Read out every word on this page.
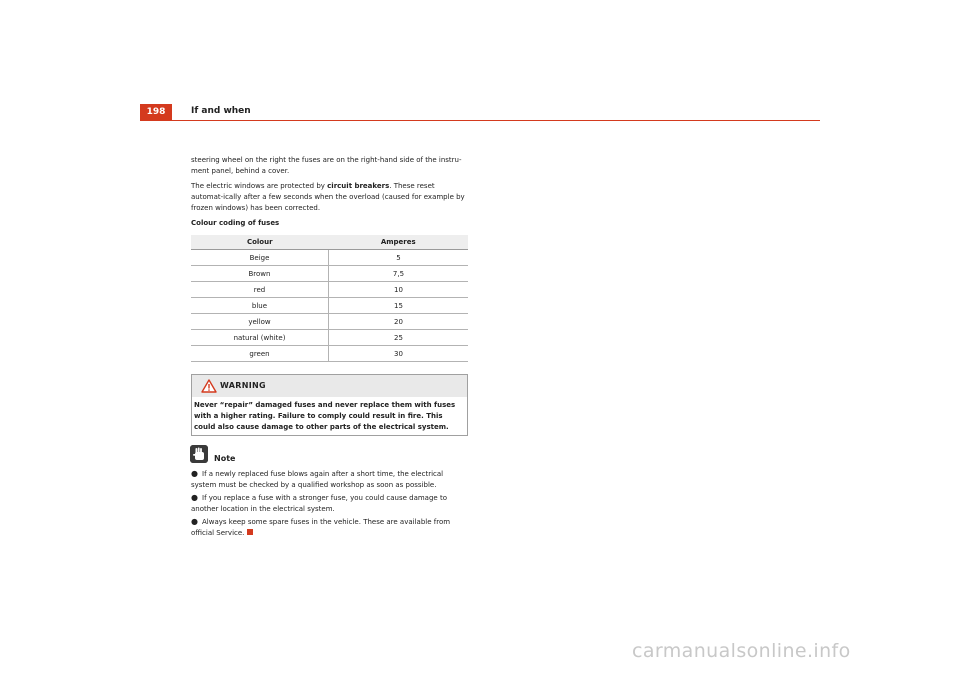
198	If and when

steering wheel on the right the fuses are on the right-hand side of the instru-ment panel, behind a cover.

The electric windows are protected by circuit breakers. These reset automat-ically after a few seconds when the overload (caused for example by frozen windows) has been corrected.

Colour coding of fuses
Colour	Amperes
Beige	5
Brown	7,5
red	10
blue	15
yellow	20
natural (white)	25
green	30
WARNING
Never “repair” damaged fuses and never replace them with fuses with a higher rating. Failure to comply could result in fire. This could also cause damage to other parts of the electrical system.
Note
● If a newly replaced fuse blows again after a short time, the electrical system must be checked by a qualified workshop as soon as possible.
● If you replace a fuse with a stronger fuse, you could cause damage to another location in the electrical system.
● Always keep some spare fuses in the vehicle. These are available from official Service.
carmanualsonline.info
